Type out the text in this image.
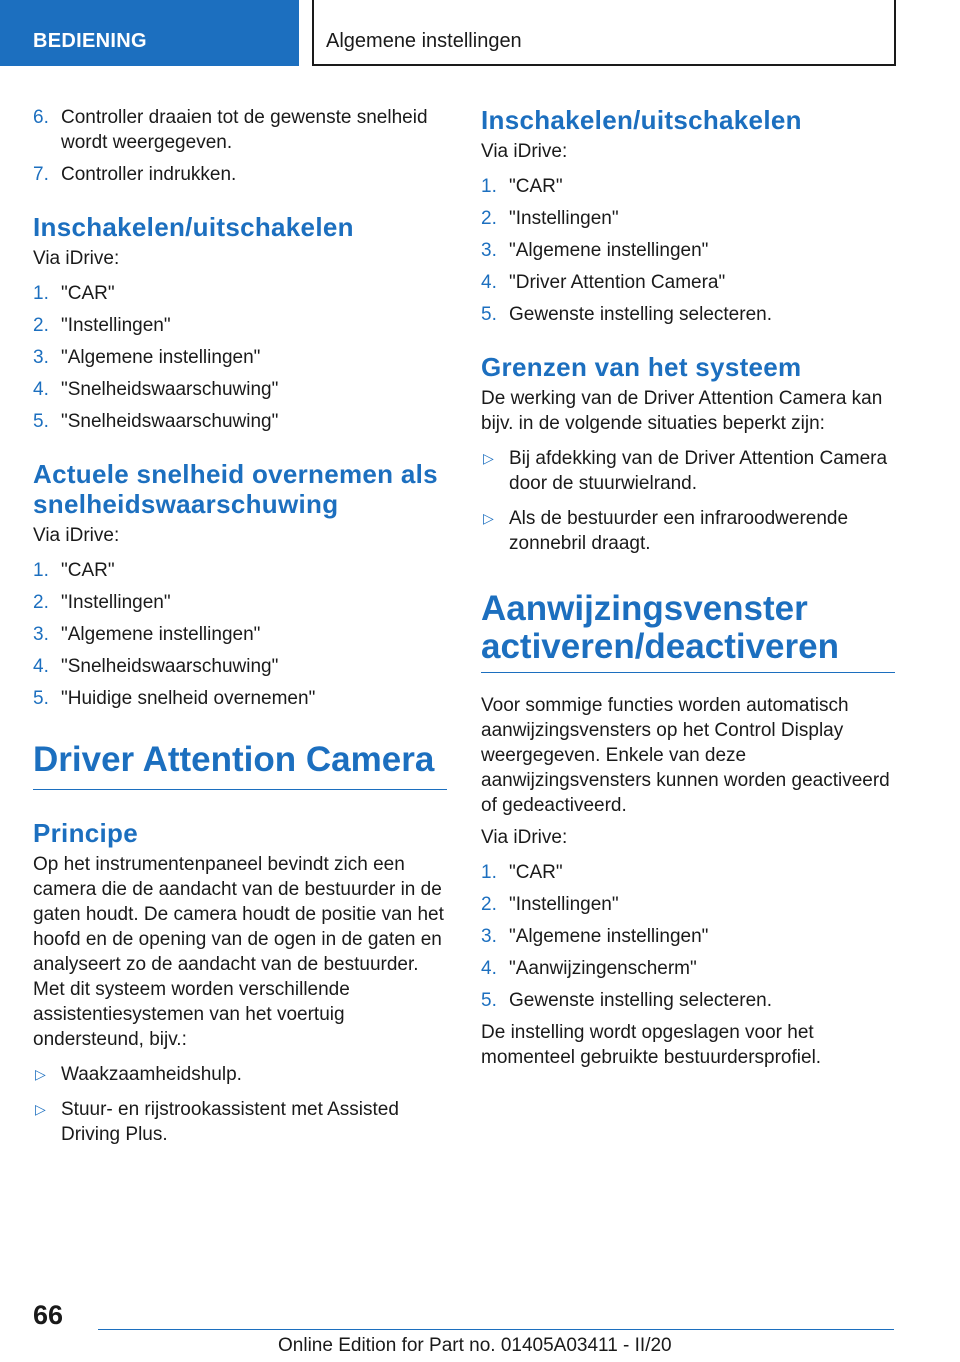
BEDIENING	Algemene instellingen
6. Controller draaien tot de gewenste snelheid wordt weergegeven.
7. Controller indrukken.
Inschakelen/uitschakelen

Via iDrive:

1. "CAR"
2. "Instellingen"
3. "Algemene instellingen"
4. "Snelheidswaarschuwing"
5. "Snelheidswaarschuwing"
Actuele snelheid overnemen als snelheidswaarschuwing

Via iDrive:

1. "CAR"
2. "Instellingen"
3. "Algemene instellingen"
4. "Snelheidswaarschuwing"
5. "Huidige snelheid overnemen"
Driver Attention Camera
Principe

Op het instrumentenpaneel bevindt zich een camera die de aandacht van de bestuurder in de gaten houdt. De camera houdt de positie van het hoofd en de opening van de ogen in de gaten en analyseert zo de aandacht van de bestuurder. Met dit systeem worden verschillende assistentiesystemen van het voertuig ondersteund, bijv.:

▷ Waakzaamheidshulp.
▷ Stuur- en rijstrookassistent met Assisted Driving Plus.
Inschakelen/uitschakelen

Via iDrive:

1. "CAR"
2. "Instellingen"
3. "Algemene instellingen"
4. "Driver Attention Camera"
5. Gewenste instelling selecteren.
Grenzen van het systeem

De werking van de Driver Attention Camera kan bijv. in de volgende situaties beperkt zijn:

▷ Bij afdekking van de Driver Attention Camera door de stuurwielrand.
▷ Als de bestuurder een infraroodwerende zonnebril draagt.
Aanwijzingsvenster activeren/deactiveren

Voor sommige functies worden automatisch aanwijzingsvensters op het Control Display weergegeven. Enkele van deze aanwijzingsvensters kunnen worden geactiveerd of gedeactiveerd.

Via iDrive:

1. "CAR"
2. "Instellingen"
3. "Algemene instellingen"
4. "Aanwijzingenscherm"
5. Gewenste instelling selecteren.

De instelling wordt opgeslagen voor het momenteel gebruikte bestuurdersprofiel.

66
Online Edition for Part no. 01405A03411 - II/20
